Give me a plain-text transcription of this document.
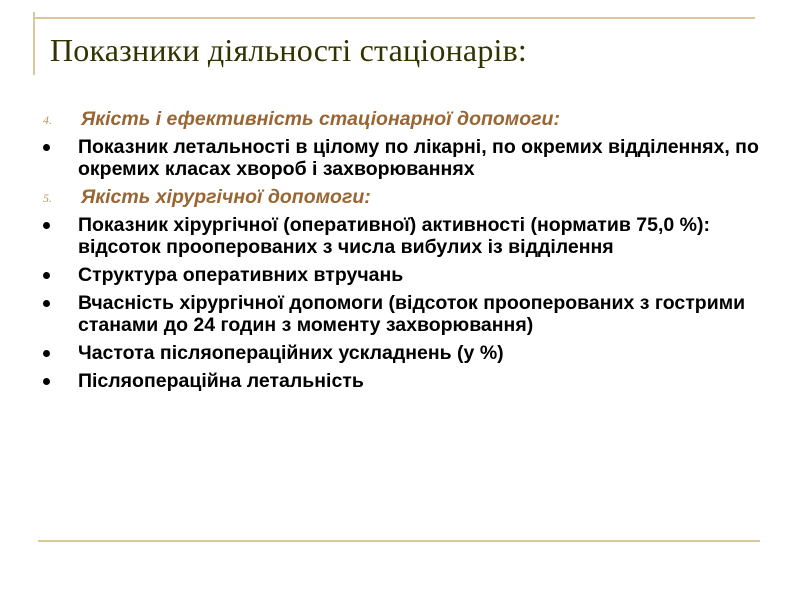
Показники діяльності стаціонарів:
4.	Якість і ефективність стаціонарної допомоги:
Показник летальності в цілому по лікарні, по окремих відділеннях, по окремих класах хвороб і захворюваннях
5.	Якість хірургічної допомоги:
Показник хірургічної (оперативної) активності (норматив 75,0 %): відсоток прооперованих з числа вибулих із відділення
Структура оперативних втручань
Вчасність хірургічної допомоги (відсоток прооперованих з гострими станами до 24 годин з моменту захворювання)
Частота післяопераційних ускладнень (у %)
Післяопераційна летальність
